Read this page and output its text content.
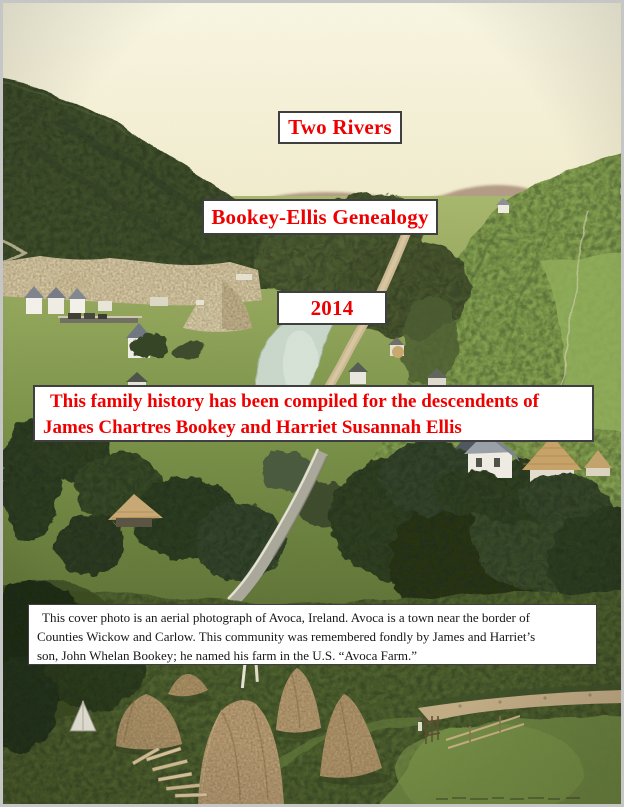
Two Rivers
Bookey-Ellis Genealogy
2014
This family history has been compiled for the descendents of
James Chartres Bookey and Harriet Susannah Ellis
This cover photo is an aerial photograph of Avoca, Ireland. Avoca is a town near the border of
Counties Wickow and Carlow. This community was remembered fondly by James and Harriet’s
son, John Whelan Bookey; he named his farm in the U.S. “Avoca Farm.”
